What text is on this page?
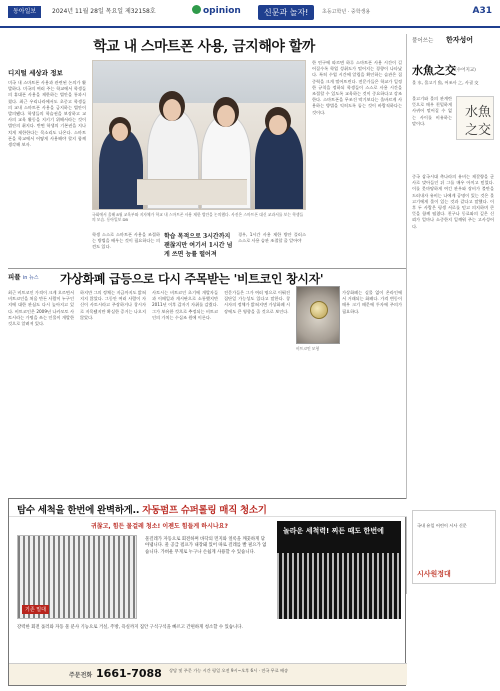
동아일보	2024년 11월 28일 목요일 제32158호	opinion	신문과 놀자!	초등고학년 · 중학생용	A31
학교 내 스마트폰 사용, 금지해야 할까
디지털 세상과 정보
미국 내 스마트폰 사용과 관련된 논의가 활발하다. 미국의 여러 주는 학교에서 학생들의 휴대폰 사용을 제한하는 법안을 통과시켰다. 최근 우리나라에서도 초중고 학생들의 교내 스마트폰 사용을 금지하는 법안이 발의됐다. 학생들의 학습권을 보장하고 교사의 교육 활동을 지키기 위해서라는 것이 법안의 취지다. 반면 학생의 기본권을 지나치게 제한한다는 목소리도 나온다. 스마트폰을 학교에서 어떻게 사용해야 할지 함께 생각해 보자.
국회에서 올해 8월 교육부와 지자체가 학교 내 스마트폰 사용 제한 법안을 논의했다. 사진은 스마트폰 대신 교과서를 보는 학생들의 모습. 동아일보 DB
학생 스스로 스마트폰 사용을 조절하는 방법을 배우는 것이 필요하다는 의견도 있다.
학습 목적으로 3시간까지 괜찮지만 여기서 1시간 넘게 쓰면 능률 떨어져
경우, 1시간 사용 제한 방안 플러스 스스로 사용 습관 조절할 줄 알아야
한 연구에 따르면 하루 스마트폰 사용 시간이 길어질수록 학업 성취도가 떨어지는 경향이 나타났다. 특히 수업 시간에 알림을 확인하는 습관은 집중력을 크게 떨어뜨린다. 전문가들은 학교가 일정한 규칙을 정하되 학생들이 스스로 사용 시간을 조절할 수 있도록 교육하는 것이 중요하다고 강조한다. 스마트폰을 무조건 막기보다는 올바르게 사용하는 방법을 익히도록 돕는 것이 바람직하다는 것이다.
풀어쓰는 한자성어
水魚之交 (수어지교)
물 水, 물고기 魚, 어조사 之, 사귈 交
물고기와 물의 관계란 뜻으로 매우 친밀하게 사귀어 떨어질 수 없는 사이를 비유하는 말이다.
水魚
之交
중국 삼국시대 촉나라의 유비는 제갈량을 군사로 맞아들인 뒤 그를 매우 아끼고 믿었다. 이를 못마땅하게 여긴 관우와 장비가 불만을 드러내자 유비는 나에게 공명이 있는 것은 물고기에게 물이 있는 것과 같다고 말했다. 이후 두 사람은 평생 서로를 믿고 의지하며 큰 뜻을 함께 펼쳤다. 친구나 동료와의 깊은 신뢰가 얼마나 소중한지 일깨워 주는 고사성어다.
피플 in 뉴스 가상화폐 급등으로 다시 주목받는 '비트코인 창시자'
최근 비트코인 가격이 크게 오르면서 비트코인을 처음 만든 사람이 누구인지에 대한 관심도 다시 높아지고 있다. 비트코인은 2009년 나카모토 사토시라는 가명을 쓰는 인물이 개발한 것으로 알려져 있다.
하지만 그의 정체는 지금까지도 밝혀지지 않았다. 그동안 여러 사람이 자신이 사토시라고 주장하거나 창시자로 지목됐지만 확실한 증거는 나오지 않았다.
사토시는 비트코인 초기에 개발자들과 이메일과 게시판으로 소통했지만 2011년 이후 갑자기 자취를 감췄다. 그가 보유한 것으로 추정되는 비트코인의 가치는 수십조 원에 이른다.
전문가들은 그가 여러 명으로 이뤄진 집단일 가능성도 있다고 말한다. 창시자의 정체가 밝혀지면 가상화폐 시장에도 큰 영향을 줄 것으로 보인다.
비트코인 모형
가상화폐는 실물 없이 온라인에서 거래되는 화폐다. 가격 변동이 매우 크기 때문에 투자에 주의가 필요하다.
국내 유일 어린이 시사 신문
시사원정대
탐수 세척을 한번에 완벽하게.. 자동펌프 슈퍼롤링 매직 청소기
귀찮고, 힘든 물걸레 청소! 이젠도 힘들게 하시나요?
기존 밀대
물걸레가 자동으로 회전하며 바닥의 먼지와 얼룩을 깨끗하게 닦아냅니다. 물 공급 펌프가 내장돼 있어 따로 걸레를 빨 필요가 없습니다. 가벼운 무게로 누구나 손쉽게 사용할 수 있습니다.
놀라운 세척력! 찌든 때도 한번에
강력한 회전 롤러와 자동 물 분사 기능으로 거실, 주방, 욕실까지 집안 구석구석을 빠르고 간편하게 청소할 수 있습니다.
주문전화 1661-7088 상담 및 주문 가능 시간 평일 오전 9시~오후 6시 · 전국 무료 배송
